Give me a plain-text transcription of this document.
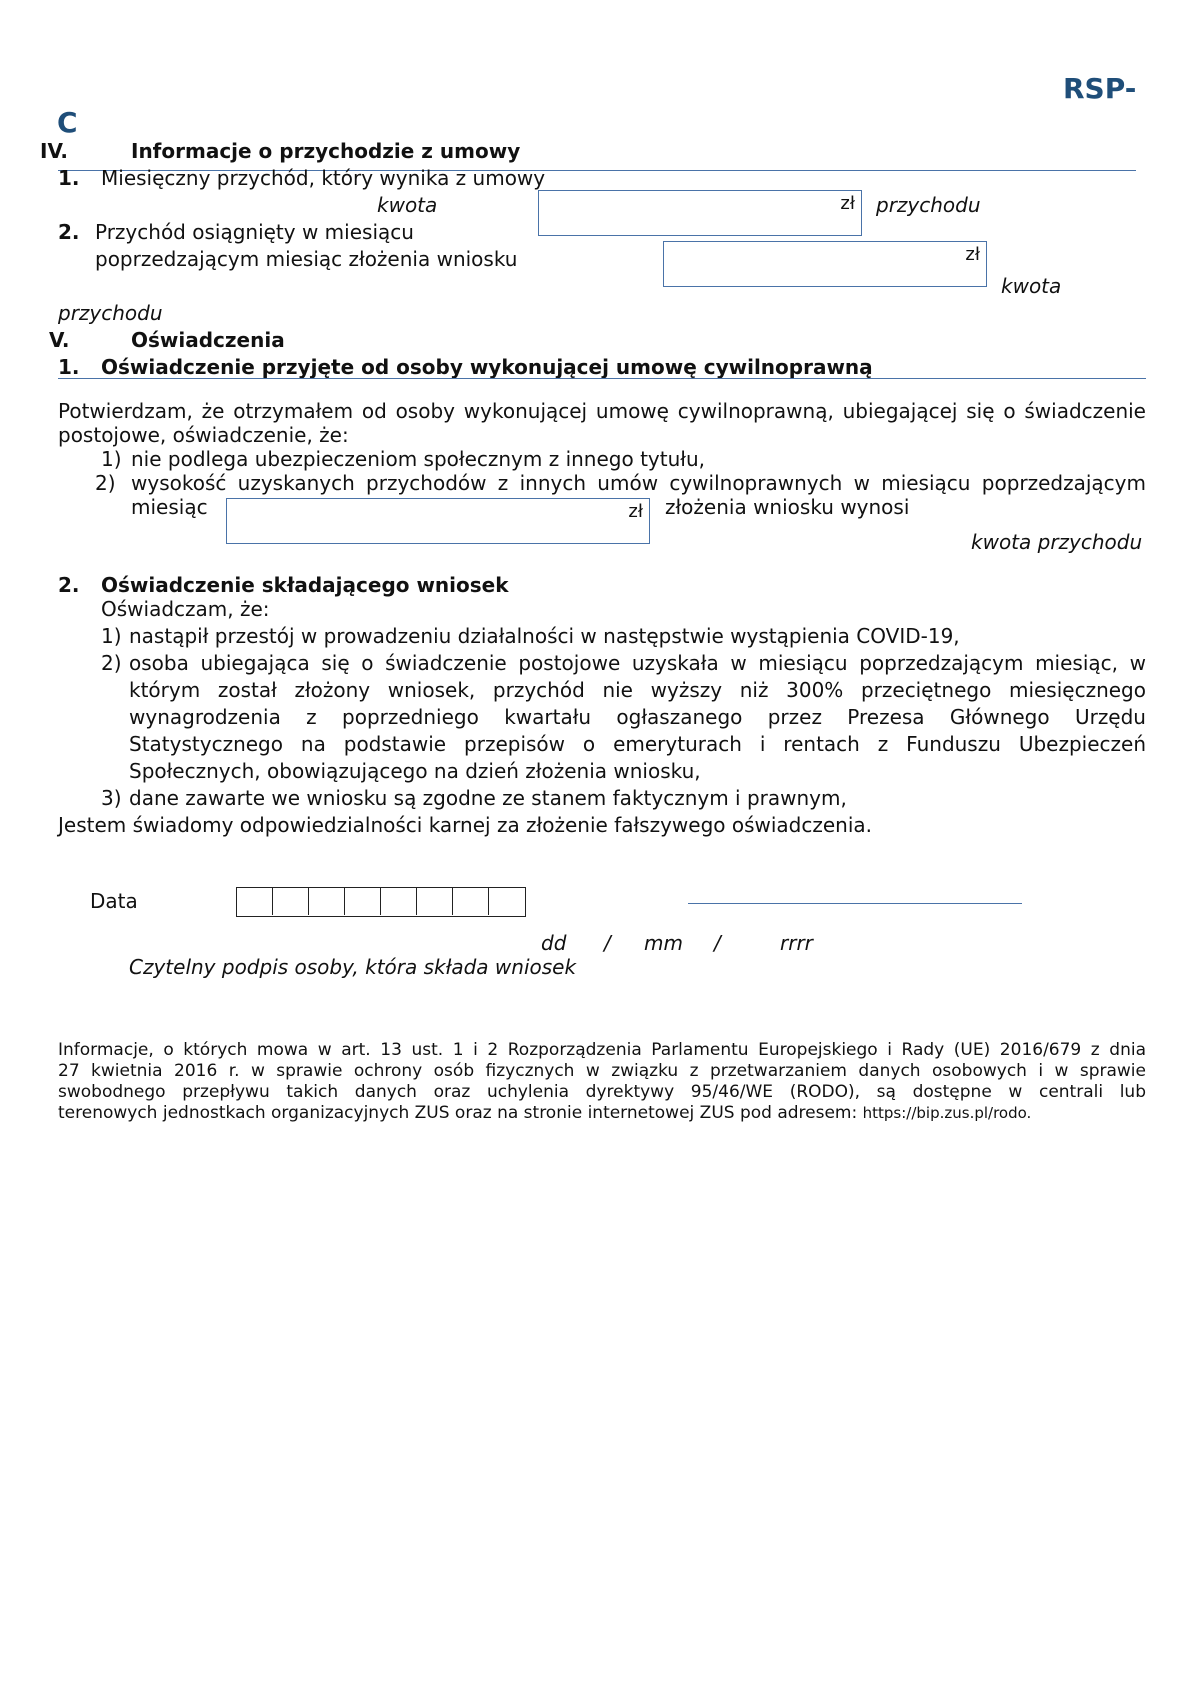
RSP-
C
IV.	Informacje o przychodzie z umowy
1. Miesięczny przychód, który wynika z umowy
kwota	zł przychodu
2. Przychód osiągnięty w miesiącu
poprzedzającym miesiąc złożenia wniosku	zł
kwota
przychodu
V.	Oświadczenia
1. Oświadczenie przyjęte od osoby wykonującej umowę cywilnoprawną
Potwierdzam, że otrzymałem od osoby wykonującej umowę cywilnoprawną, ubiegającej się o świadczenie
postojowe, oświadczenie, że:
1) nie podlega ubezpieczeniom społecznym z innego tytułu,
2) wysokość uzyskanych przychodów z innych umów cywilnoprawnych w miesiącu poprzedzającym
miesiąc	zł złożenia wniosku wynosi
kwota przychodu
2. Oświadczenie składającego wniosek
Oświadczam, że:
1) nastąpił przestój w prowadzeniu działalności w następstwie wystąpienia COVID-19,
2) osoba ubiegająca się o świadczenie postojowe uzyskała w miesiącu poprzedzającym miesiąc, w
którym został złożony wniosek, przychód nie wyższy niż 300% przeciętnego miesięcznego
wynagrodzenia z poprzedniego kwartału ogłaszanego przez Prezesa Głównego Urzędu
Statystycznego na podstawie przepisów o emeryturach i rentach z Funduszu Ubezpieczeń
Społecznych, obowiązującego na dzień złożenia wniosku,
3) dane zawarte we wniosku są zgodne ze stanem faktycznym i prawnym,
Jestem świadomy odpowiedzialności karnej za złożenie fałszywego oświadczenia.
Data
dd / mm /	rrrr
Czytelny podpis osoby, która składa wniosek
Informacje, o których mowa w art. 13 ust. 1 i 2 Rozporządzenia Parlamentu Europejskiego i Rady (UE) 2016/679 z dnia
27 kwietnia 2016 r. w sprawie ochrony osób fizycznych w związku z przetwarzaniem danych osobowych i w sprawie
swobodnego przepływu takich danych oraz uchylenia dyrektywy 95/46/WE (RODO), są dostępne w centrali lub
terenowych jednostkach organizacyjnych ZUS oraz na stronie internetowej ZUS pod adresem: https://bip.zus.pl/rodo.
